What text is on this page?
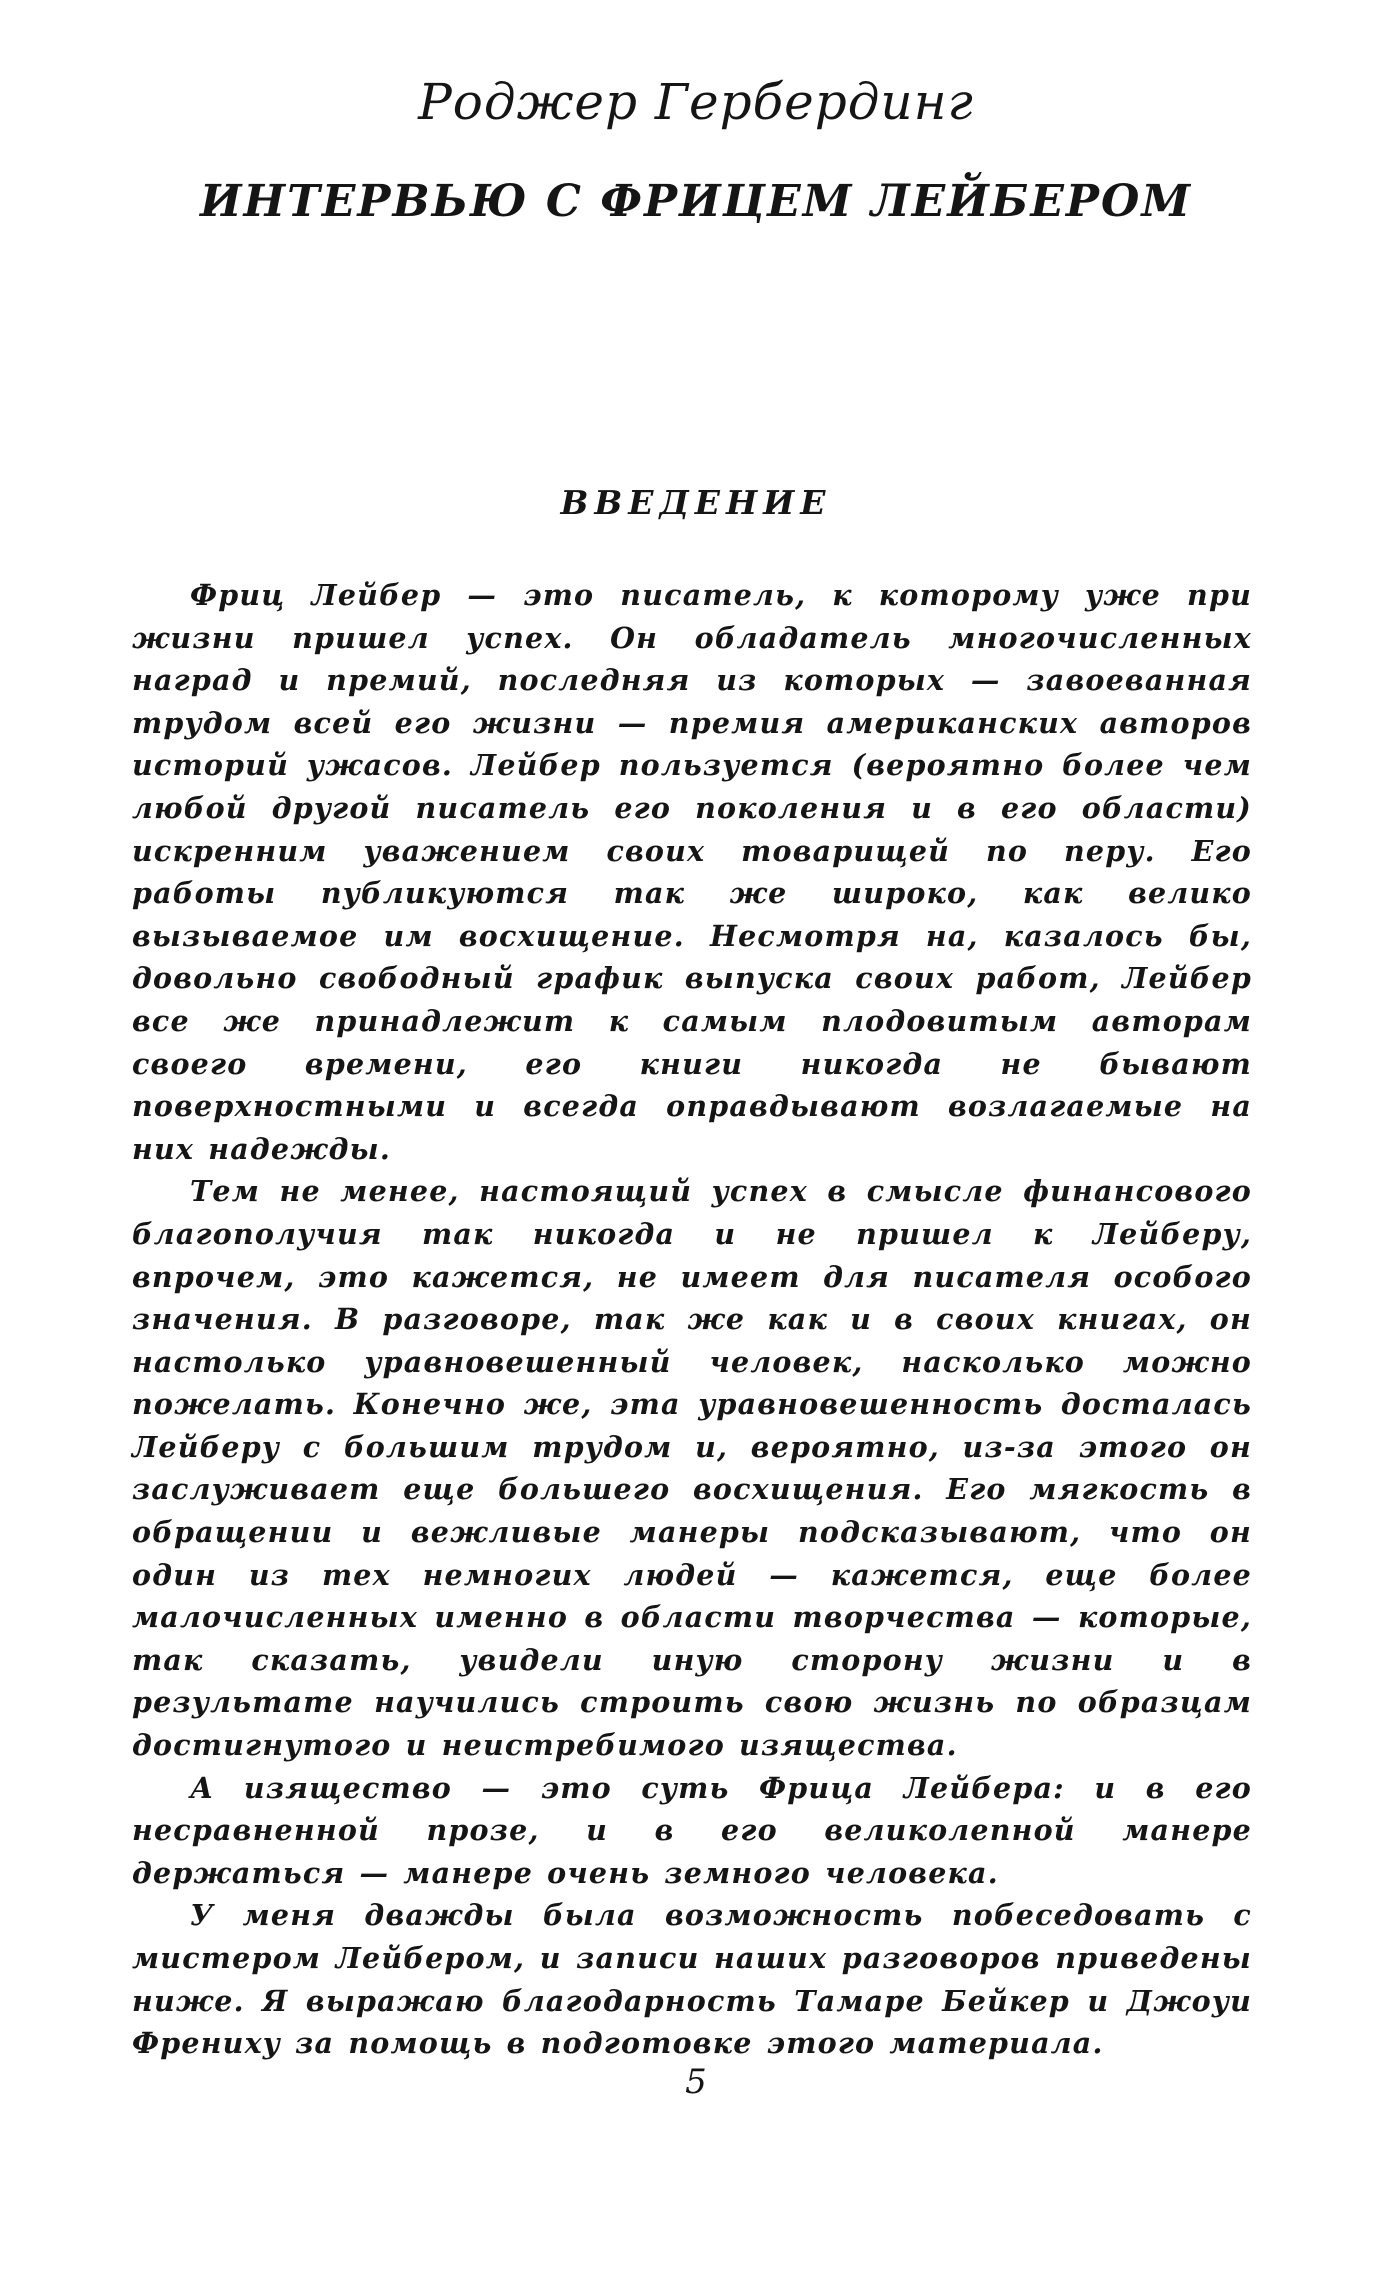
Роджер Гербердинг
ИНТЕРВЬЮ С ФРИЦЕМ ЛЕЙБЕРОМ
ВВЕДЕНИЕ

Фриц Лейбер — это писатель, к которому уже при жизни пришел успех. Он обладатель многочисленных наград и премий, последняя из которых — завоеванная трудом всей его жизни — премия американских авторов историй ужасов. Лейбер пользуется (вероятно более чем любой другой писатель его поколения и в его области) искренним уважением своих товарищей по перу. Его работы публикуются так же широко, как велико вызываемое им восхищение. Несмотря на, казалось бы, довольно свободный график выпуска своих работ, Лейбер все же принадлежит к самым плодовитым авторам своего времени, его книги никогда не бывают поверхностными и всегда оправдывают возлагаемые на них надежды.

Тем не менее, настоящий успех в смысле финансового благополучия так никогда и не пришел к Лейберу, впрочем, это кажется, не имеет для писателя особого значения. В разговоре, так же как и в своих книгах, он настолько уравновешенный человек, насколько можно пожелать. Конечно же, эта уравновешенность досталась Лейберу с большим трудом и, вероятно, из-за этого он заслуживает еще большего восхищения. Его мягкость в обращении и вежливые манеры подсказывают, что он один из тех немногих людей — кажется, еще более малочисленных именно в области творчества — которые, так сказать, увидели иную сторону жизни и в результате научились строить свою жизнь по образцам достигнутого и неистребимого изящества.

А изящество — это суть Фрица Лейбера: и в его несравненной прозе, и в его великолепной манере держаться — манере очень земного человека.

У меня дважды была возможность побеседовать с мистером Лейбером, и записи наших разговоров приведены ниже. Я выражаю благодарность Тамаре Бейкер и Джоуи Френиху за помощь в подготовке этого материала.

5
